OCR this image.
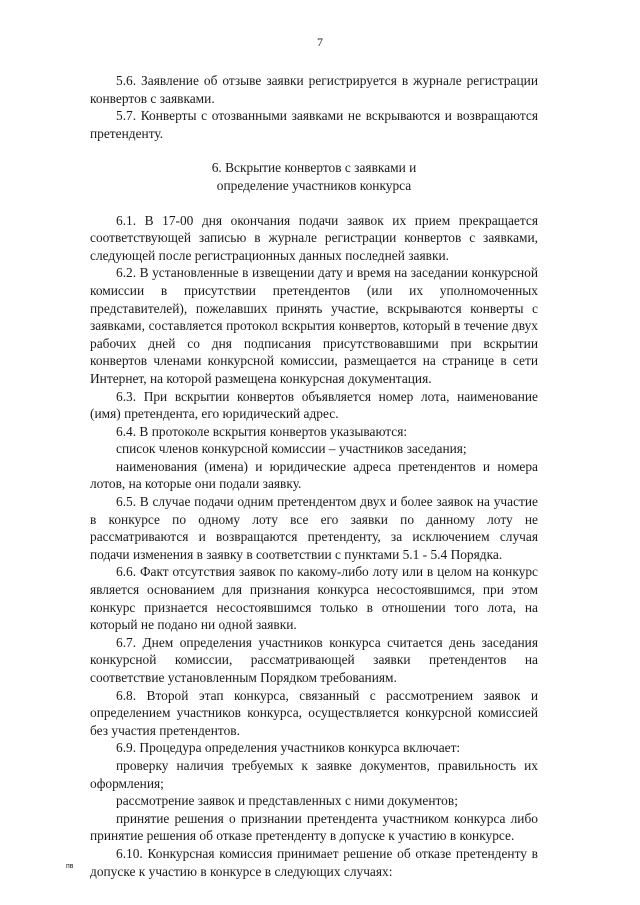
7

5.6. Заявление об отзыве заявки регистрируется в журнале регистрации конвертов с заявками.

5.7. Конверты с отозванными заявками не вскрываются и возвращаются претенденту.

6. Вскрытие конвертов с заявками и

определение участников конкурса

6.1. В 17-00 дня окончания подачи заявок их прием прекращается соответствующей записью в журнале регистрации конвертов с заявками, следующей после регистрационных данных последней заявки.

6.2. В установленные в извещении дату и время на заседании конкурсной комиссии в присутствии претендентов (или их уполномоченных представителей), пожелавших принять участие, вскрываются конверты с заявками, составляется протокол вскрытия конвертов, который в течение двух рабочих дней со дня подписания присутствовавшими при вскрытии конвертов членами конкурсной комиссии, размещается на странице в сети Интернет, на которой размещена конкурсная документация.

6.3. При вскрытии конвертов объявляется номер лота, наименование (имя) претендента, его юридический адрес.

6.4. В протоколе вскрытия конвертов указываются:

список членов конкурсной комиссии – участников заседания;

наименования (имена) и юридические адреса претендентов и номера лотов, на которые они подали заявку.

6.5. В случае подачи одним претендентом двух и более заявок на участие в конкурсе по одному лоту все его заявки по данному лоту не рассматриваются и возвращаются претенденту, за исключением случая подачи изменения в заявку в соответствии с пунктами 5.1 - 5.4 Порядка.

6.6. Факт отсутствия заявок по какому-либо лоту или в целом на конкурс является основанием для признания конкурса несостоявшимся, при этом конкурс признается несостоявшимся только в отношении того лота, на который не подано ни одной заявки.

6.7. Днем определения участников конкурса считается день заседания конкурсной комиссии, рассматривающей заявки претендентов на соответствие установленным Порядком требованиям.

6.8. Второй этап конкурса, связанный с рассмотрением заявок и определением участников конкурса, осуществляется конкурсной комиссией без участия претендентов.

6.9. Процедура определения участников конкурса включает:

проверку наличия требуемых к заявке документов, правильность их оформления;

рассмотрение заявок и представленных с ними документов;

принятие решения о признании претендента участником конкурса либо принятие решения об отказе претенденту в допуске к участию в конкурсе.

6.10. Конкурсная комиссия принимает решение об отказе претенденту в допуске к участию в конкурсе в следующих случаях:

пв
